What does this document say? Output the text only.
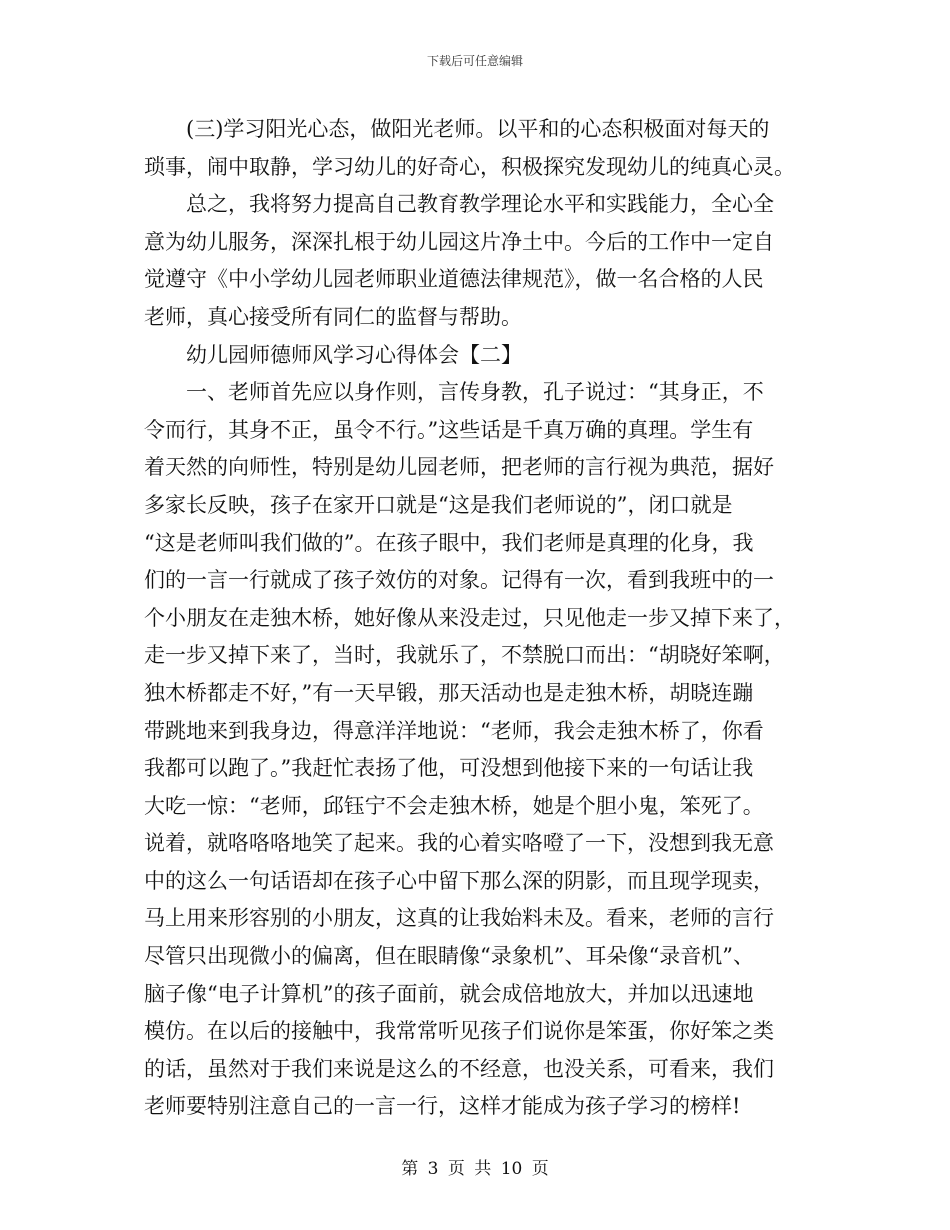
下载后可任意编辑
(三)学习阳光心态，做阳光老师。以平和的心态积极面对每天的
琐事，闹中取静，学习幼儿的好奇心，积极探究发现幼儿的纯真心灵。
总之，我将努力提高自己教育教学理论水平和实践能力，全心全
意为幼儿服务，深深扎根于幼儿园这片净土中。今后的工作中一定自
觉遵守《中小学幼儿园老师职业道德法律规范》，做一名合格的人民
老师，真心接受所有同仁的监督与帮助。
幼儿园师德师风学习心得体会【二】
一、老师首先应以身作则，言传身教，孔子说过：“其身正，不
令而行，其身不正，虽令不行。”这些话是千真万确的真理。学生有
着天然的向师性，特别是幼儿园老师，把老师的言行视为典范，据好
多家长反映，孩子在家开口就是“这是我们老师说的”，闭口就是
“这是老师叫我们做的”。在孩子眼中，我们老师是真理的化身，我
们的一言一行就成了孩子效仿的对象。记得有一次，看到我班中的一
个小朋友在走独木桥，她好像从来没走过，只见他走一步又掉下来了，
走一步又掉下来了，当时，我就乐了，不禁脱口而出：“胡晓好笨啊，
独木桥都走不好，”有一天早锻，那天活动也是走独木桥，胡晓连蹦
带跳地来到我身边，得意洋洋地说：“老师，我会走独木桥了，你看
我都可以跑了。”我赶忙表扬了他，可没想到他接下来的一句话让我
大吃一惊：“老师，邱钰宁不会走独木桥，她是个胆小鬼，笨死了。
说着，就咯咯咯地笑了起来。我的心着实咯噔了一下，没想到我无意
中的这么一句话语却在孩子心中留下那么深的阴影，而且现学现卖，
马上用来形容别的小朋友，这真的让我始料未及。看来，老师的言行
尽管只出现微小的偏离，但在眼睛像“录象机”、耳朵像“录音机”、
脑子像“电子计算机”的孩子面前，就会成倍地放大，并加以迅速地
模仿。在以后的接触中，我常常听见孩子们说你是笨蛋，你好笨之类
的话，虽然对于我们来说是这么的不经意，也没关系，可看来，我们
老师要特别注意自己的一言一行，这样才能成为孩子学习的榜样!
第 3 页 共 10 页
